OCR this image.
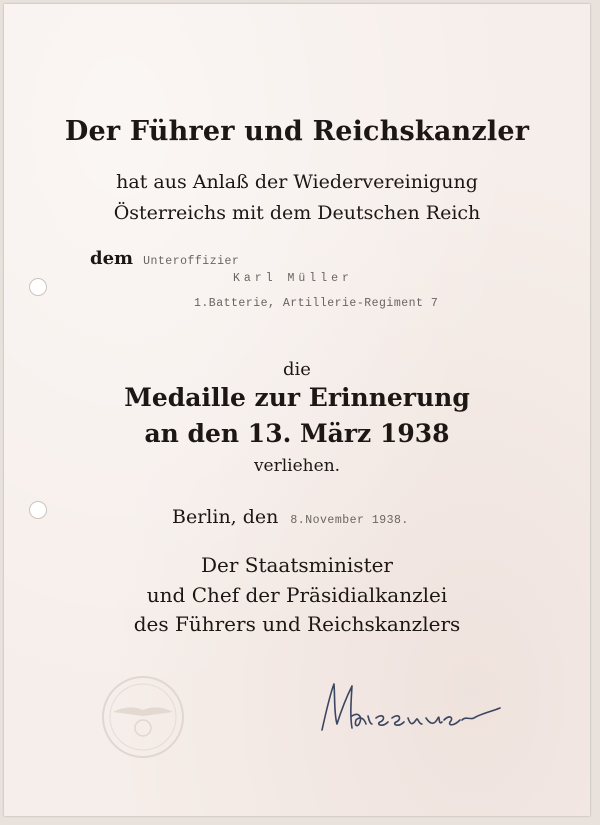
Der Führer und Reichskanzler
hat aus Anlaß der Wiedervereinigung
Österreichs mit dem Deutschen Reich
dem Unteroffizier
Karl Müller
1.Batterie, Artillerie-Regiment 7
die
Medaille zur Erinnerung
an den 13. März 1938
verliehen.
Berlin, den 8.November 1938.
Der Staatsminister
und Chef der Präsidialkanzlei
des Führers und Reichskanzlers
